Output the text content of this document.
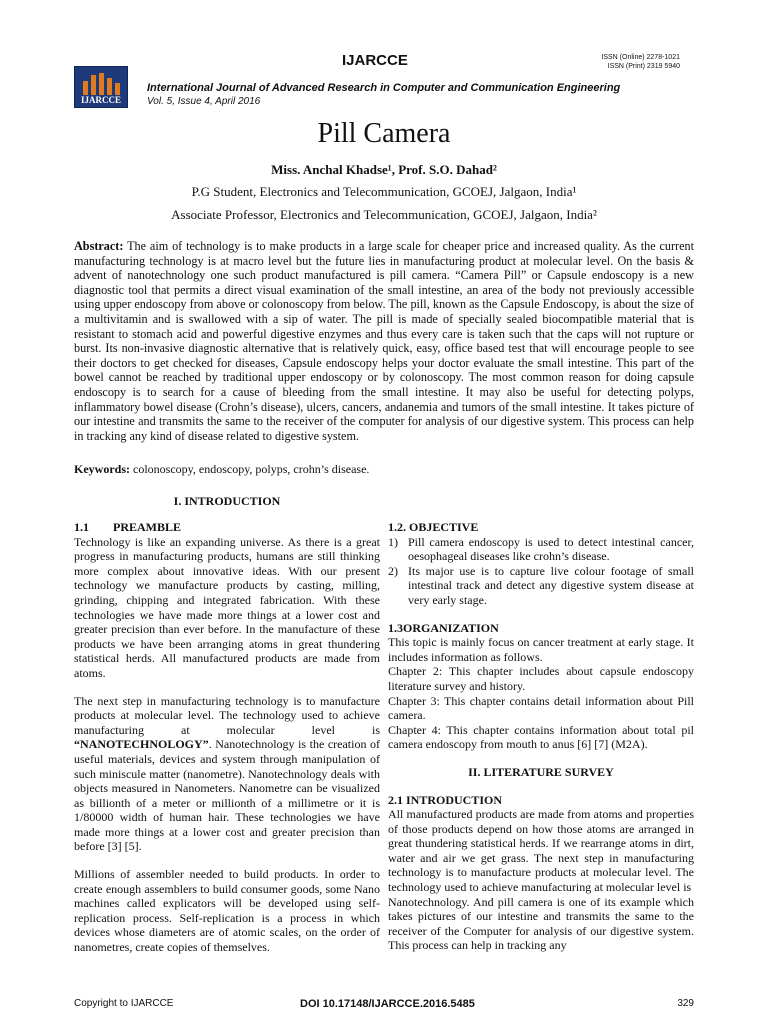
IJARCCE
IJARCCE	ISSN (Online) 2278-1021
ISSN (Print) 2319 5940
International Journal of Advanced Research in Computer and Communication Engineering
Vol. 5, Issue 4, April 2016
Pill Camera
Miss. Anchal Khadse¹, Prof. S.O. Dahad²
P.G Student, Electronics and Telecommunication, GCOEJ, Jalgaon, India¹
Associate Professor, Electronics and Telecommunication, GCOEJ, Jalgaon, India²
Abstract: The aim of technology is to make products in a large scale for cheaper price and increased quality. As the current manufacturing technology is at macro level but the future lies in manufacturing product at molecular level. On the basis & advent of nanotechnology one such product manufactured is pill camera. “Camera Pill” or Capsule endoscopy is a new diagnostic tool that permits a direct visual examination of the small intestine, an area of the body not previously accessible using upper endoscopy from above or colonoscopy from below. The pill, known as the Capsule Endoscopy, is about the size of a multivitamin and is swallowed with a sip of water. The pill is made of specially sealed biocompatible material that is resistant to stomach acid and powerful digestive enzymes and thus every care is taken such that the caps will not rupture or burst. Its non-invasive diagnostic alternative that is relatively quick, easy, office based test that will encourage people to see their doctors to get checked for diseases, Capsule endoscopy helps your doctor evaluate the small intestine. This part of the bowel cannot be reached by traditional upper endoscopy or by colonoscopy. The most common reason for doing capsule endoscopy is to search for a cause of bleeding from the small intestine. It may also be useful for detecting polyps, inflammatory bowel disease (Crohn’s disease), ulcers, cancers, andanemia and tumors of the small intestine. It takes picture of our intestine and transmits the same to the receiver of the computer for analysis of our digestive system. This process can help in tracking any kind of disease related to digestive system.
Keywords: colonoscopy, endoscopy, polyps, crohn’s disease.
I. INTRODUCTION

1.1        PREAMBLE

Technology is like an expanding universe. As there is a great progress in manufacturing products, humans are still thinking more complex about innovative ideas. With our present technology we manufacture products by casting, milling, grinding, chipping and integrated fabrication. With these technologies we have made more things at a lower cost and greater precision than ever before. In the manufacture of these products we have been arranging atoms in great thundering statistical herds. All manufactured products are made from atoms.

The next step in manufacturing technology is to manufacture products at molecular level. The technology used to achieve manufacturing at molecular level is “NANOTECHNOLOGY”. Nanotechnology is the creation of useful materials, devices and system through manipulation of such miniscule matter (nanometre). Nanotechnology deals with objects measured in Nanometers. Nanometre can be visualized as billionth of a meter or millionth of a millimetre or it is 1/80000 width of human hair. These technologies we have made more things at a lower cost and greater precision than before [3] [5].

Millions of assembler needed to build products. In order to create enough assemblers to build consumer goods, some Nano machines called explicators will be developed using self-replication process. Self-replication is a process in which devices whose diameters are of atomic scales, on the order of nanometres, create copies of themselves.

1.2. OBJECTIVE

1) Pill camera endoscopy is used to detect intestinal cancer, oesophageal diseases like crohn’s disease.
2) Its major use is to capture live colour footage of small intestinal track and detect any digestive system disease at very early stage.

1.3ORGANIZATION

This topic is mainly focus on cancer treatment at early stage. It includes information as follows.

Chapter 2: This chapter includes about capsule endoscopy literature survey and history.

Chapter 3: This chapter contains detail information about Pill camera.

Chapter 4: This chapter contains information about total pil camera endoscopy from mouth to anus [6] [7] (M2A).

II. LITERATURE SURVEY

2.1 INTRODUCTION

All manufactured products are made from atoms and properties of those products depend on how those atoms are arranged in great thundering statistical herds. If we rearrange atoms in dirt, water and air we get grass. The next step in manufacturing technology is to manufacture products at molecular level. The technology used to achieve manufacturing at molecular level is

Nanotechnology. And pill camera is one of its example which takes pictures of our intestine and transmits the same to the receiver of the Computer for analysis of our digestive system. This process can help in tracking any

Copyright to IJARCCE	DOI 10.17148/IJARCCE.2016.5485	329
